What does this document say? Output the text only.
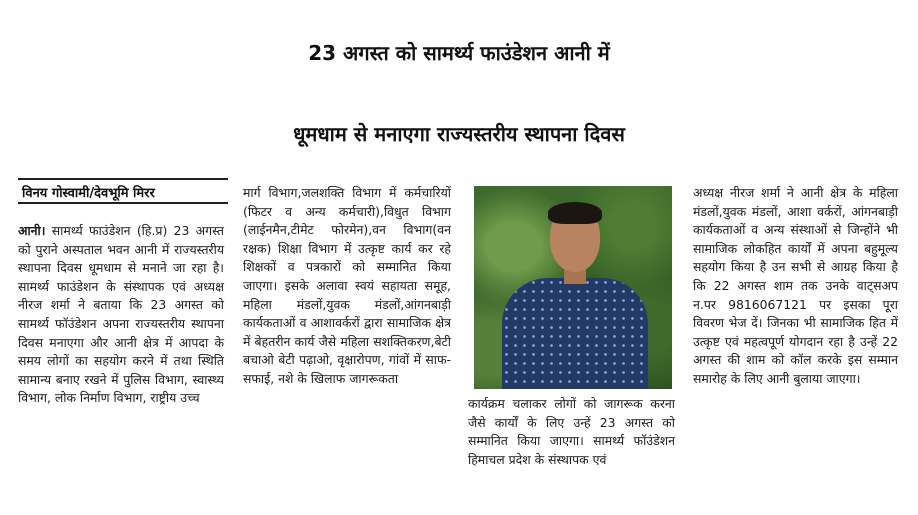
23 अगस्त को सामर्थ्य फाउंडेशन आनी में
धूमधाम से मनाएगा राज्यस्तरीय स्थापना दिवस
विनय गोस्वामी/देवभूमि मिरर

आनी। सामर्थ्य फाउंडेशन (हि.प्र) 23 अगस्त को पुराने अस्पताल भवन आनी में राज्यस्तरीय स्थापना दिवस धूमधाम से मनाने जा रहा है। सामर्थ्य फाउंडेशन के संस्थापक एवं अध्यक्ष नीरज शर्मा ने बताया कि 23 अगस्त को सामर्थ्य फॉउंडेशन अपना राज्यस्तरीय स्थापना दिवस मनाएगा और आनी क्षेत्र में आपदा के समय लोगों का सहयोग करने में तथा स्थिति सामान्य बनाए रखने में पुलिस विभाग, स्वास्थ्य विभाग, लोक निर्माण विभाग, राष्ट्रीय उच्च

मार्ग विभाग,जलशक्ति विभाग में कर्मचारियों (फिटर व अन्य कर्मचारी),विधुत विभाग (लाईनमैन,टीमेट फोरमेन),वन विभाग(वन रक्षक) शिक्षा विभाग में उत्कृष्ट कार्य कर रहे शिक्षकों व पत्रकारों को सम्मानित किया जाएगा। इसके अलावा स्वयं सहायता समूह, महिला मंडलों,युवक मंडलों,आंगनबाड़ी कार्यकताओं व आशावर्करों द्वारा सामाजिक क्षेत्र में बेहतरीन कार्य जैसे महिला सशक्तिकरण,बेटी बचाओ बेटी पढ़ाओ, वृक्षारोपण, गांवों में साफ-सफाई, नशे के खिलाफ जागरूकता

कार्यक्रम चलाकर लोगों को जागरूक करना जैसे कार्यों के लिए उन्हें 23 अगस्त को सम्मानित किया जाएगा। सामर्थ्य फॉउंडेशन हिमाचल प्रदेश के संस्थापक एवं

अध्यक्ष नीरज शर्मा ने आनी क्षेत्र के महिला मंडलों,युवक मंडलों, आशा वर्करों, आंगनबाड़ी कार्यकताओं व अन्य संस्थाओं से जिन्होंने भी सामाजिक लोकहित कार्यों में अपना बहुमूल्य सहयोग किया है उन सभी से आग्रह किया है कि 22 अगस्त शाम तक उनके वाट्सअप न.पर 9816067121 पर इसका पूरा विवरण भेज दें। जिनका भी सामाजिक हित में उत्कृष्ट एवं महत्वपूर्ण योगदान रहा है उन्हें 22 अगस्त की शाम को कॉल करके इस सम्मान समारोह के लिए आनी बुलाया जाएगा।
